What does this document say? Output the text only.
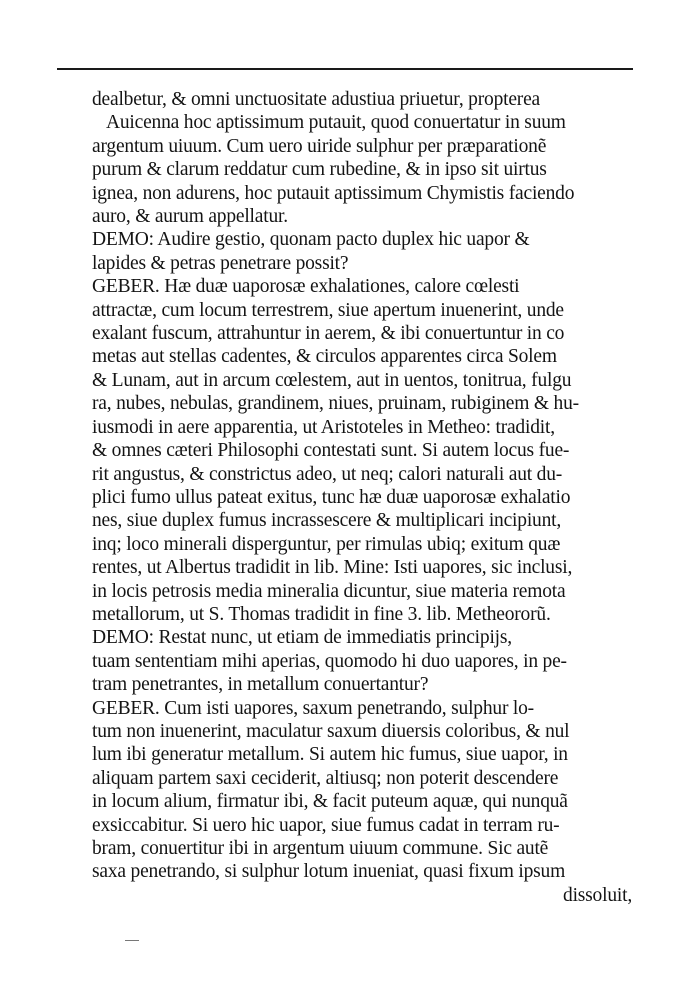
dealbetur, & omni unctuositate adustiua priuetur, propterea
Auicenna hoc aptissimum putauit, quod conuertatur in suum
argentum uiuum. Cum uero uiride sulphur per præparationẽ
purum & clarum reddatur cum rubedine, & in ipso sit uirtus
ignea, non adurens, hoc putauit aptissimum Chymistis faciendo
auro, & aurum appellatur.
DEMO: Audire gestio, quonam pacto duplex hic uapor &
lapides & petras penetrare possit?
GEBER. Hæ duæ uaporosæ exhalationes, calore cœlesti
attractæ, cum locum terrestrem, siue apertum inuenerint, unde
exalant fuscum, attrahuntur in aerem, & ibi conuertuntur in co
metas aut stellas cadentes, & circulos apparentes circa Solem
& Lunam, aut in arcum cœlestem, aut in uentos, tonitrua, fulgu
ra, nubes, nebulas, grandinem, niues, pruinam, rubiginem & hu-
iusmodi in aere apparentia, ut Aristoteles in Metheo: tradidit,
& omnes cæteri Philosophi contestati sunt. Si autem locus fue-
rit angustus, & constrictus adeo, ut neq; calori naturali aut du-
plici fumo ullus pateat exitus, tunc hæ duæ uaporosæ exhalatio
nes, siue duplex fumus incrassescere & multiplicari incipiunt,
inq; loco minerali disperguntur, per rimulas ubiq; exitum quæ
rentes, ut Albertus tradidit in lib. Mine: Isti uapores, sic inclusi,
in locis petrosis media mineralia dicuntur, siue materia remota
metallorum, ut S. Thomas tradidit in fine 3. lib. Metheororũ.
DEMO: Restat nunc, ut etiam de immediatis principijs,
tuam sententiam mihi aperias, quomodo hi duo uapores, in pe-
tram penetrantes, in metallum conuertantur?
GEBER. Cum isti uapores, saxum penetrando, sulphur lo-
tum non inuenerint, maculatur saxum diuersis coloribus, & nul
lum ibi generatur metallum. Si autem hic fumus, siue uapor, in
aliquam partem saxi ceciderit, altiusq; non poterit descendere
in locum alium, firmatur ibi, & facit puteum aquæ, qui nunquã
exsiccabitur. Si uero hic uapor, siue fumus cadat in terram ru-
bram, conuertitur ibi in argentum uiuum commune. Sic autẽ
saxa penetrando, si sulphur lotum inueniat, quasi fixum ipsum
dissoluit,
